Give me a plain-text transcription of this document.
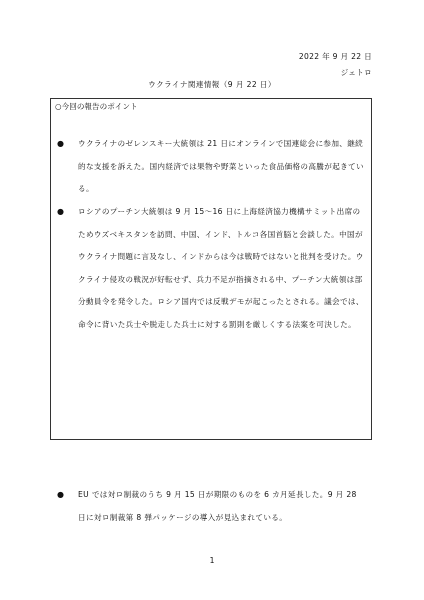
2022 年 9 月 22 日
ジェトロ
ウクライナ関連情報（9 月 22 日）
○今回の報告のポイント
● ウクライナのゼレンスキー大統領は 21 日にオンラインで国連総会に参加、継続的な支援を訴えた。国内経済では果物や野菜といった食品価格の高騰が起きている。
● ロシアのプーチン大統領は 9 月 15～16 日に上海経済協力機構サミット出席のためウズベキスタンを訪問、中国、インド、トルコ各国首脳と会談した。中国がウクライナ問題に言及なし、インドからは今は戦時ではないと批判を受けた。ウクライナ侵攻の戦況が好転せず、兵力不足が指摘される中、プーチン大統領は部分動員令を発令した。ロシア国内では反戦デモが起こったとされる。議会では、命令に背いた兵士や脱走した兵士に対する罰則を厳しくする法案を可決した。
● EU では対ロ制裁のうち 9 月 15 日が期限のものを 6 カ月延長した。9 月 28 日に対ロ制裁第 8 弾パッケージの導入が見込まれている。
1
